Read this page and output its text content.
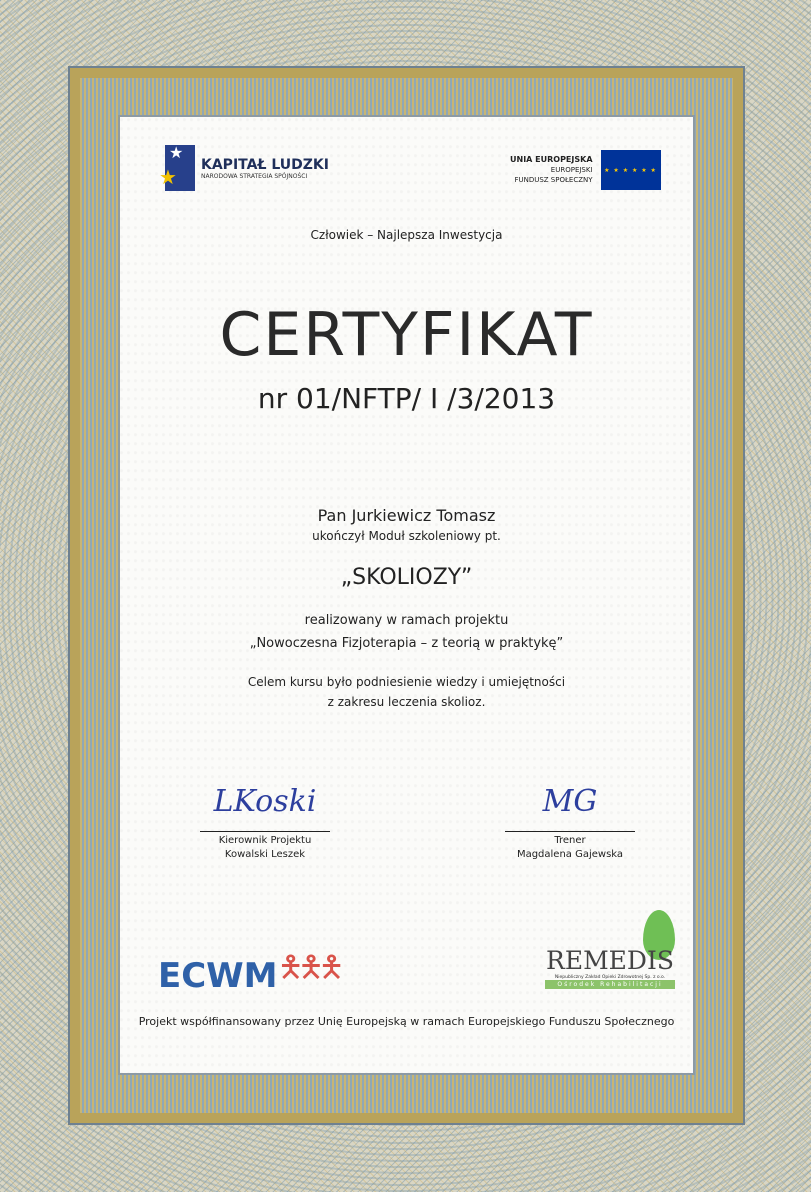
★ ★
KAPITAŁ LUDZKI
NARODOWA STRATEGIA SPÓJNOŚCI
UNIA EUROPEJSKA
EUROPEJSKI
FUNDUSZ SPOŁECZNY
★ ★ ★ ★ ★ ★
Człowiek – Najlepsza Inwestycja
CERTYFIKAT
nr 01/NFTP/ I /3/2013
Pan Jurkiewicz Tomasz
ukończył Moduł szkoleniowy pt.
„SKOLIOZY”
realizowany w ramach projektu
„Nowoczesna Fizjoterapia – z teorią w praktykę”
Celem kursu było podniesienie wiedzy i umiejętności
z zakresu leczenia skolioz.
LKoski
Kierownik Projektu
Kowalski Leszek
MG
Trener
Magdalena Gajewska
ECWM 🯅🯅🯅	REMEDIS
Niepubliczny Zakład Opieki Zdrowotnej Sp. z o.o.
Ośrodek Rehabilitacji
Projekt współfinansowany przez Unię Europejską w ramach Europejskiego Funduszu Społecznego
